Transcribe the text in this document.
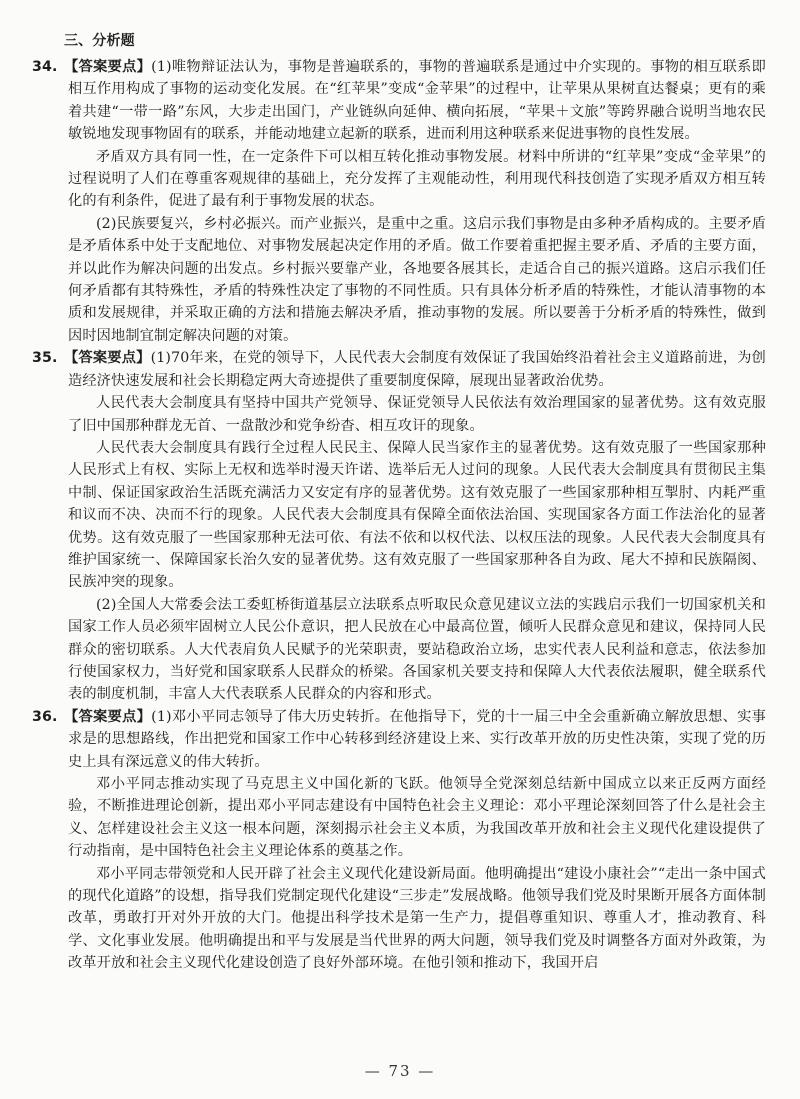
三、分析题

34. 【答案要点】(1)唯物辩证法认为，事物是普遍联系的，事物的普遍联系是通过中介实现的。事物的相互联系即相互作用构成了事物的运动变化发展。在“红苹果”变成“金苹果”的过程中，让苹果从果树直达餐桌；更有的乘着共建“一带一路”东风，大步走出国门，产业链纵向延伸、横向拓展，“苹果＋文旅”等跨界融合说明当地农民敏锐地发现事物固有的联系，并能动地建立起新的联系，进而利用这种联系来促进事物的良性发展。

矛盾双方具有同一性，在一定条件下可以相互转化推动事物发展。材料中所讲的“红苹果”变成“金苹果”的过程说明了人们在尊重客观规律的基础上，充分发挥了主观能动性，利用现代科技创造了实现矛盾双方相互转化的有利条件，促进了最有利于事物发展的状态。

(2)民族要复兴，乡村必振兴。而产业振兴，是重中之重。这启示我们事物是由多种矛盾构成的。主要矛盾是矛盾体系中处于支配地位、对事物发展起决定作用的矛盾。做工作要着重把握主要矛盾、矛盾的主要方面，并以此作为解决问题的出发点。乡村振兴要靠产业，各地要各展其长，走适合自己的振兴道路。这启示我们任何矛盾都有其特殊性，矛盾的特殊性决定了事物的不同性质。只有具体分析矛盾的特殊性，才能认清事物的本质和发展规律，并采取正确的方法和措施去解决矛盾，推动事物的发展。所以要善于分析矛盾的特殊性，做到因时因地制宜制定解决问题的对策。

35. 【答案要点】(1)70年来，在党的领导下，人民代表大会制度有效保证了我国始终沿着社会主义道路前进，为创造经济快速发展和社会长期稳定两大奇迹提供了重要制度保障，展现出显著政治优势。

人民代表大会制度具有坚持中国共产党领导、保证党领导人民依法有效治理国家的显著优势。这有效克服了旧中国那种群龙无首、一盘散沙和党争纷杳、相互攻讦的现象。

人民代表大会制度具有践行全过程人民民主、保障人民当家作主的显著优势。这有效克服了一些国家那种人民形式上有权、实际上无权和选举时漫天许诺、选举后无人过问的现象。人民代表大会制度具有贯彻民主集中制、保证国家政治生活既充满活力又安定有序的显著优势。这有效克服了一些国家那种相互掣肘、内耗严重和议而不决、决而不行的现象。人民代表大会制度具有保障全面依法治国、实现国家各方面工作法治化的显著优势。这有效克服了一些国家那种无法可依、有法不依和以权代法、以权压法的现象。人民代表大会制度具有维护国家统一、保障国家长治久安的显著优势。这有效克服了一些国家那种各自为政、尾大不掉和民族隔阂、民族冲突的现象。

(2)全国人大常委会法工委虹桥街道基层立法联系点听取民众意见建议立法的实践启示我们一切国家机关和国家工作人员必须牢固树立人民公仆意识，把人民放在心中最高位置，倾听人民群众意见和建议，保持同人民群众的密切联系。人大代表肩负人民赋予的光荣职责，要站稳政治立场，忠实代表人民利益和意志，依法参加行使国家权力，当好党和国家联系人民群众的桥梁。各国家机关要支持和保障人大代表依法履职，健全联系代表的制度机制，丰富人大代表联系人民群众的内容和形式。

36. 【答案要点】(1)邓小平同志领导了伟大历史转折。在他指导下，党的十一届三中全会重新确立解放思想、实事求是的思想路线，作出把党和国家工作中心转移到经济建设上来、实行改革开放的历史性决策，实现了党的历史上具有深远意义的伟大转折。

邓小平同志推动实现了马克思主义中国化新的飞跃。他领导全党深刻总结新中国成立以来正反两方面经验，不断推进理论创新，提出邓小平同志建设有中国特色社会主义理论：邓小平理论深刻回答了什么是社会主义、怎样建设社会主义这一根本问题，深刻揭示社会主义本质，为我国改革开放和社会主义现代化建设提供了行动指南，是中国特色社会主义理论体系的奠基之作。

邓小平同志带领党和人民开辟了社会主义现代化建设新局面。他明确提出“建设小康社会”“走出一条中国式的现代化道路”的设想，指导我们党制定现代化建设“三步走”发展战略。他领导我们党及时果断开展各方面体制改革，勇敢打开对外开放的大门。他提出科学技术是第一生产力，提倡尊重知识、尊重人才，推动教育、科学、文化事业发展。他明确提出和平与发展是当代世界的两大问题，领导我们党及时调整各方面对外政策，为改革开放和社会主义现代化建设创造了良好外部环境。在他引领和推动下，我国开启

— 73 —
